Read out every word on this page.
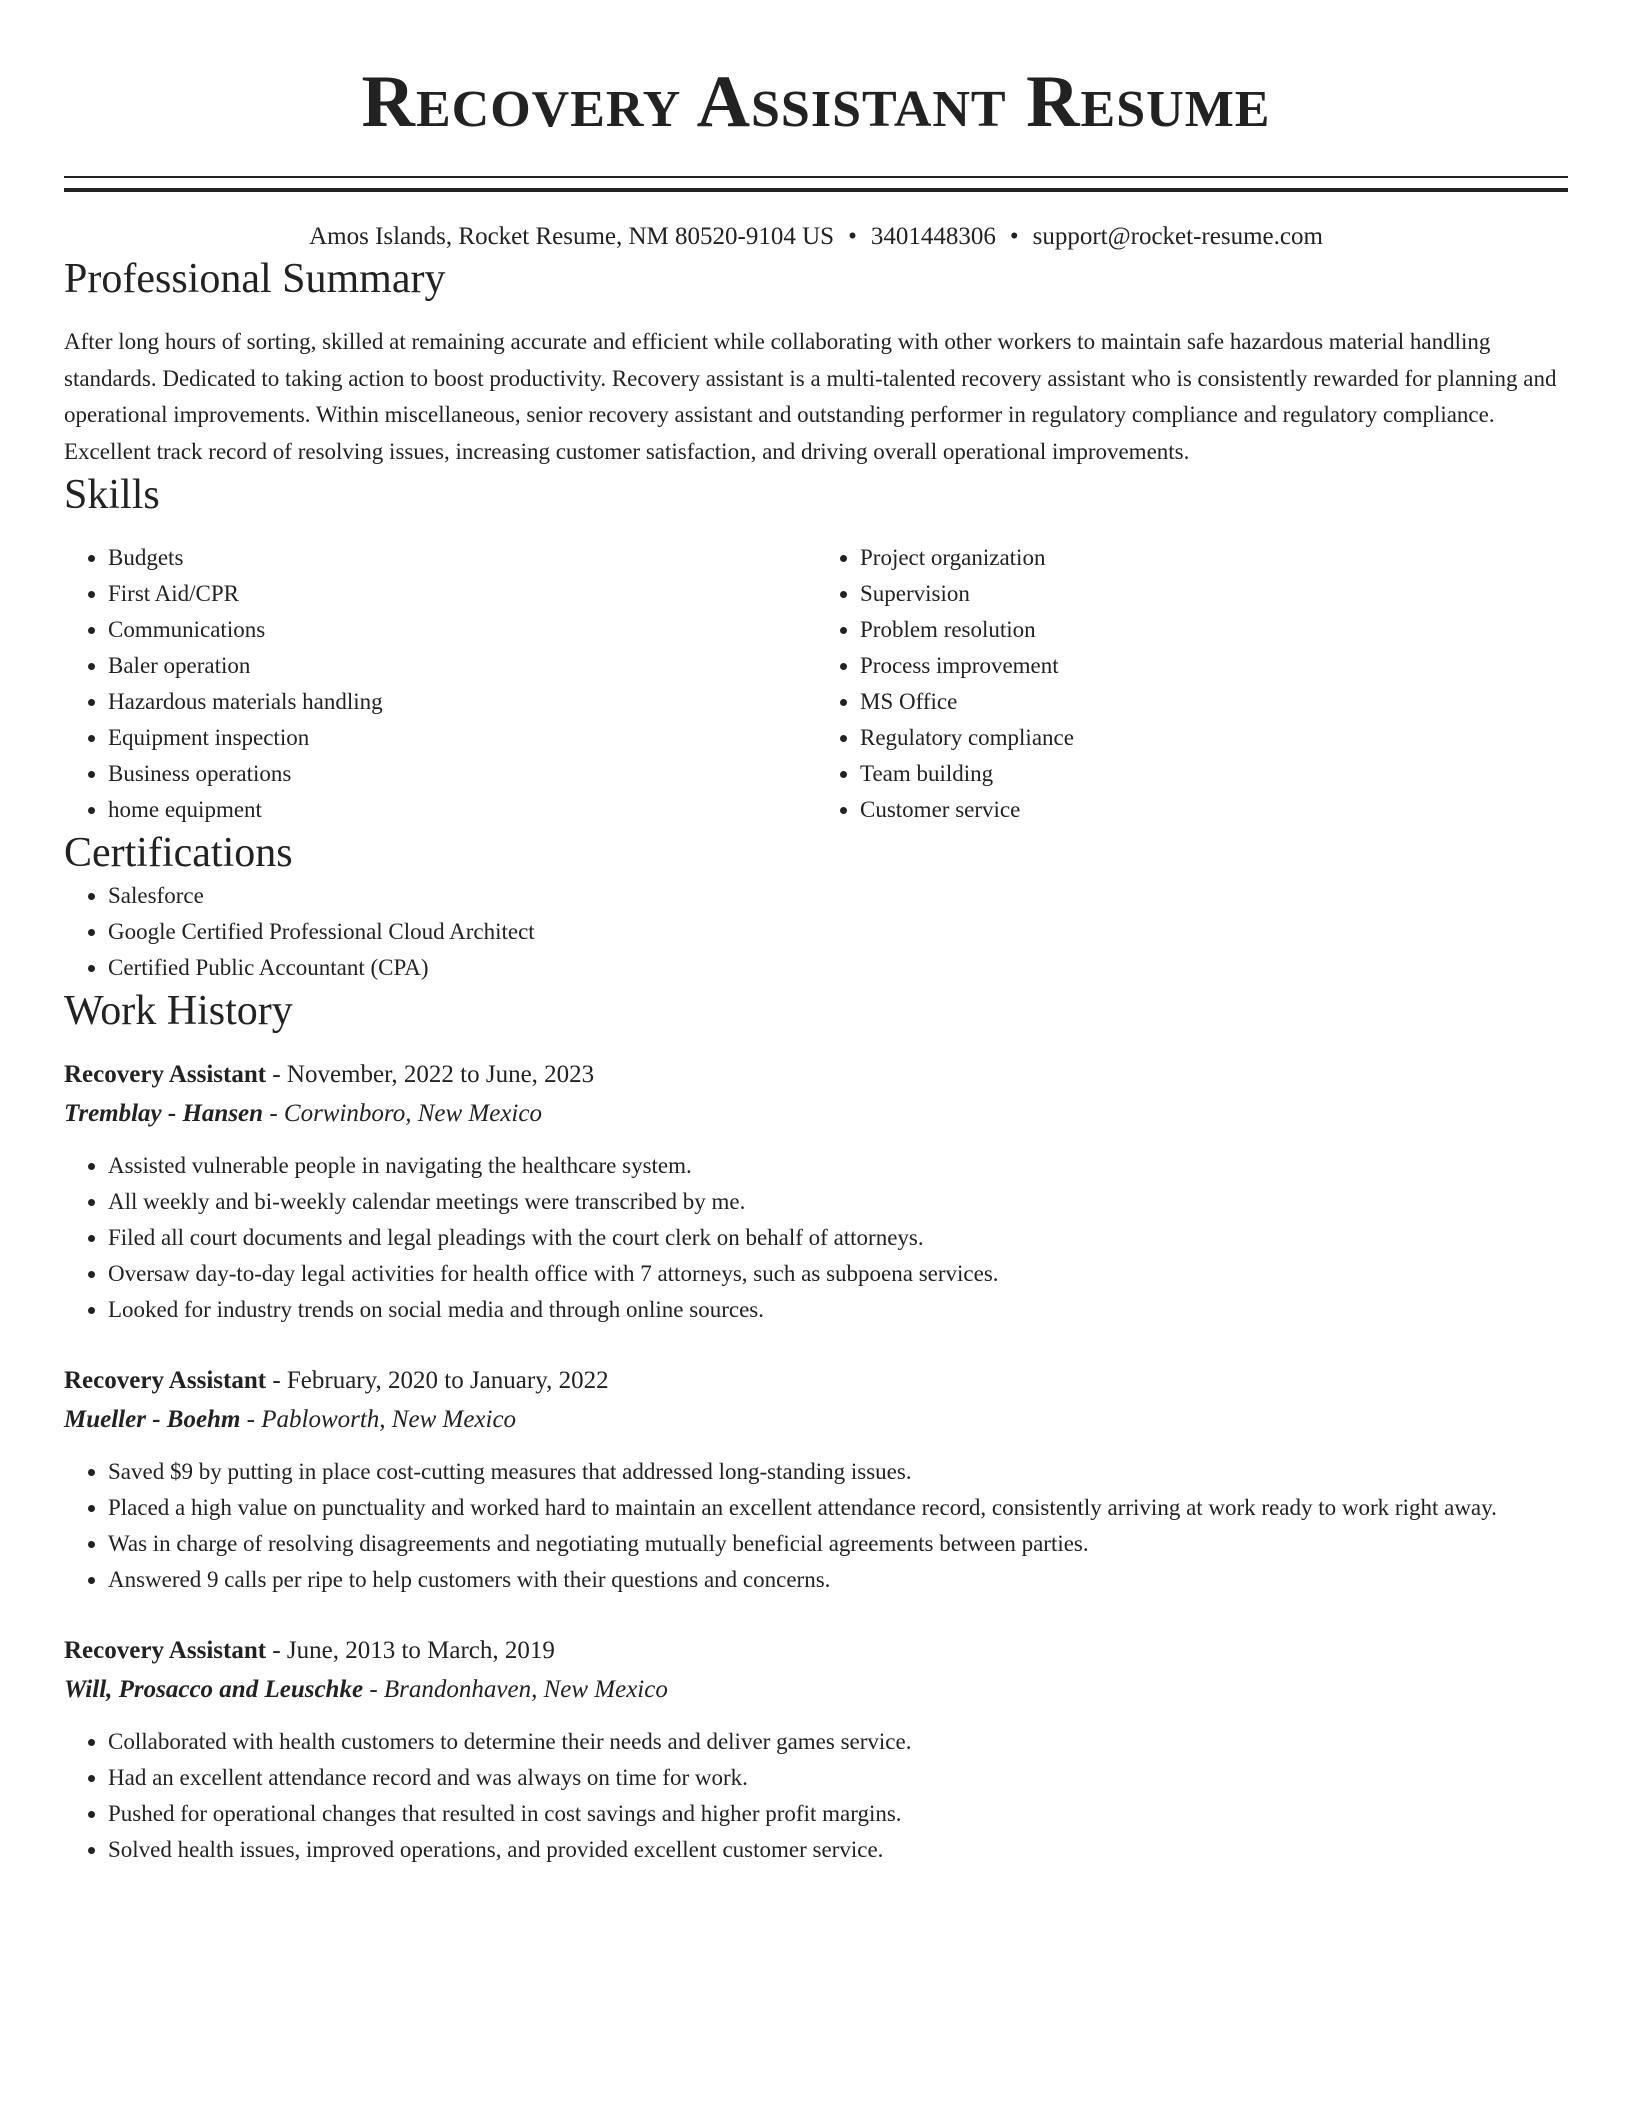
Recovery Assistant Resume
Amos Islands, Rocket Resume, NM 80520-9104 US • 3401448306 • support@rocket-resume.com
Professional Summary
After long hours of sorting, skilled at remaining accurate and efficient while collaborating with other workers to maintain safe hazardous material handling standards. Dedicated to taking action to boost productivity. Recovery assistant is a multi-talented recovery assistant who is consistently rewarded for planning and operational improvements. Within miscellaneous, senior recovery assistant and outstanding performer in regulatory compliance and regulatory compliance. Excellent track record of resolving issues, increasing customer satisfaction, and driving overall operational improvements.
Skills
• Budgets
• First Aid/CPR
• Communications
• Baler operation
• Hazardous materials handling
• Equipment inspection
• Business operations
• home equipment
• Project organization
• Supervision
• Problem resolution
• Process improvement
• MS Office
• Regulatory compliance
• Team building
• Customer service
Certifications
• Salesforce
• Google Certified Professional Cloud Architect
• Certified Public Accountant (CPA)
Work History
Recovery Assistant - November, 2022 to June, 2023
Tremblay - Hansen - Corwinboro, New Mexico
• Assisted vulnerable people in navigating the healthcare system.
• All weekly and bi-weekly calendar meetings were transcribed by me.
• Filed all court documents and legal pleadings with the court clerk on behalf of attorneys.
• Oversaw day-to-day legal activities for health office with 7 attorneys, such as subpoena services.
• Looked for industry trends on social media and through online sources.
Recovery Assistant - February, 2020 to January, 2022
Mueller - Boehm - Pabloworth, New Mexico
• Saved $9 by putting in place cost-cutting measures that addressed long-standing issues.
• Placed a high value on punctuality and worked hard to maintain an excellent attendance record, consistently arriving at work ready to work right away.
• Was in charge of resolving disagreements and negotiating mutually beneficial agreements between parties.
• Answered 9 calls per ripe to help customers with their questions and concerns.
Recovery Assistant - June, 2013 to March, 2019
Will, Prosacco and Leuschke - Brandonhaven, New Mexico
• Collaborated with health customers to determine their needs and deliver games service.
• Had an excellent attendance record and was always on time for work.
• Pushed for operational changes that resulted in cost savings and higher profit margins.
• Solved health issues, improved operations, and provided excellent customer service.
